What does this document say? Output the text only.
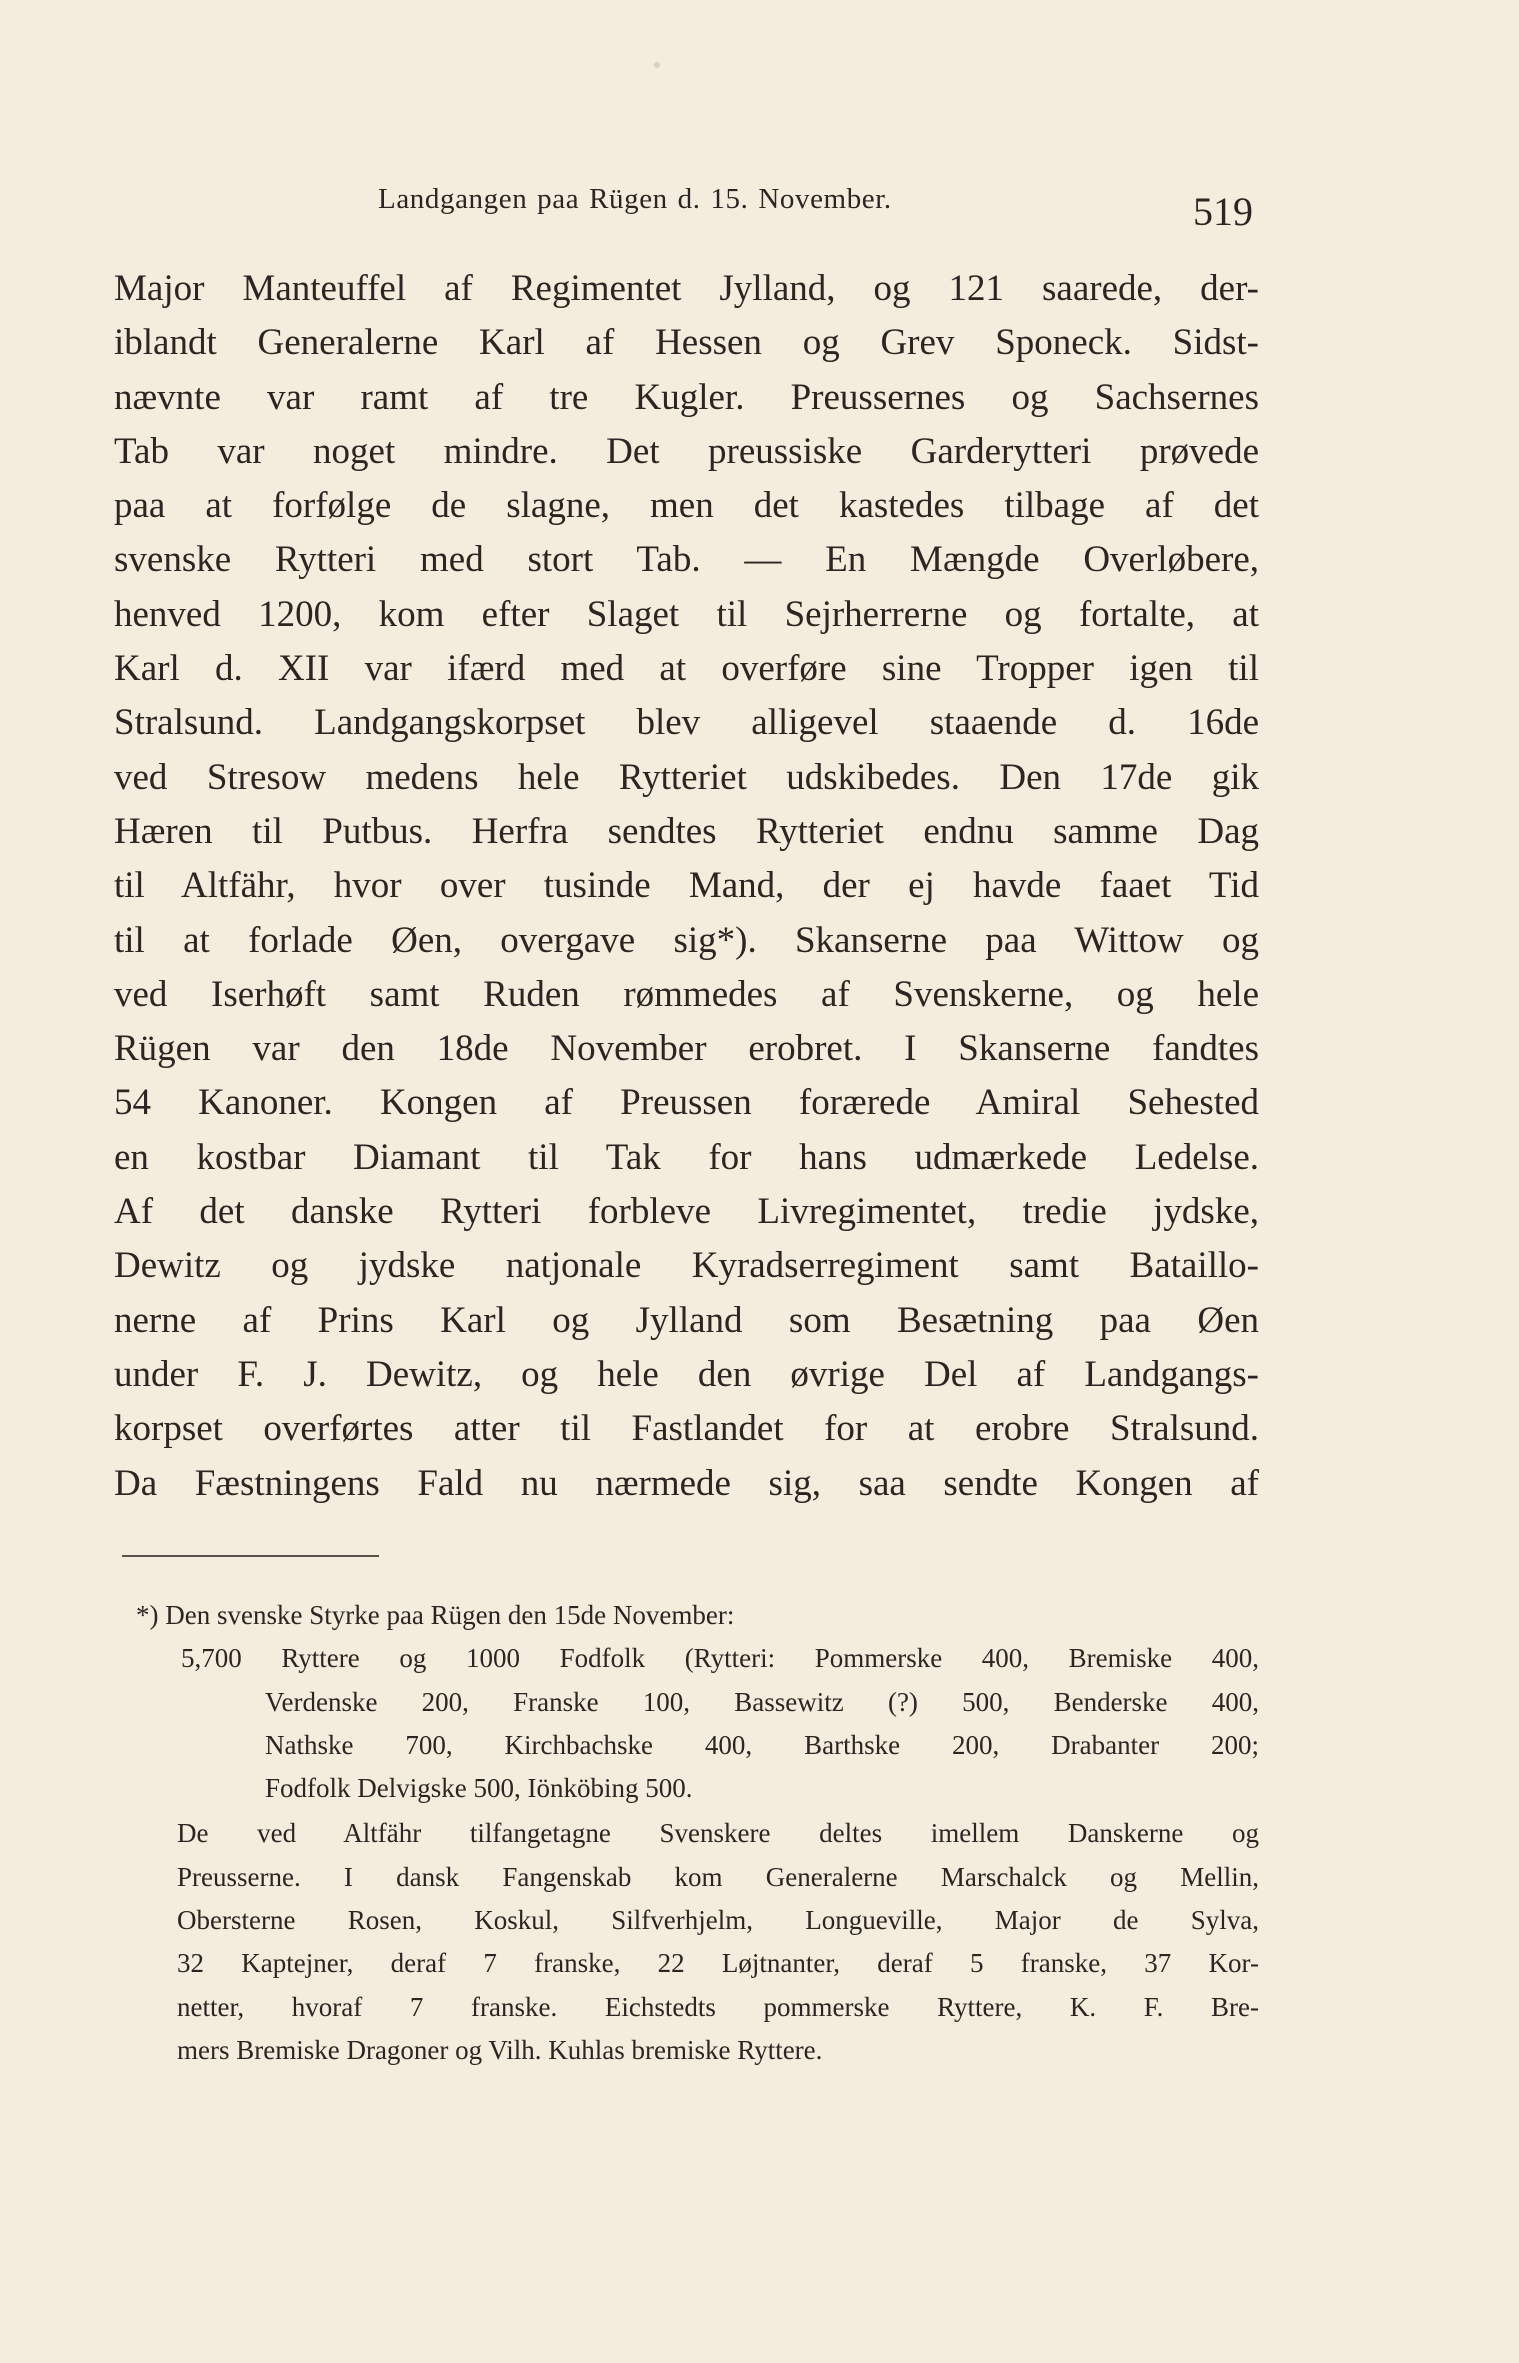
Landgangen paa Rügen d. 15. November.	519
Major Manteuffel af Regimentet Jylland, og 121 saarede, der-
iblandt Generalerne Karl af Hessen og Grev Sponeck. Sidst-
nævnte var ramt af tre Kugler. Preussernes og Sachsernes
Tab var noget mindre. Det preussiske Garderytteri prøvede
paa at forfølge de slagne, men det kastedes tilbage af det
svenske Rytteri med stort Tab. — En Mængde Overløbere,
henved 1200, kom efter Slaget til Sejrherrerne og fortalte, at
Karl d. XII var ifærd med at overføre sine Tropper igen til
Stralsund. Landgangskorpset blev alligevel staaende d. 16de
ved Stresow medens hele Rytteriet udskibedes. Den 17de gik
Hæren til Putbus. Herfra sendtes Rytteriet endnu samme Dag
til Altfähr, hvor over tusinde Mand, der ej havde faaet Tid
til at forlade Øen, overgave sig*). Skanserne paa Wittow og
ved Iserhøft samt Ruden rømmedes af Svenskerne, og hele
Rügen var den 18de November erobret. I Skanserne fandtes
54 Kanoner. Kongen af Preussen forærede Amiral Sehested
en kostbar Diamant til Tak for hans udmærkede Ledelse.
Af det danske Rytteri forbleve Livregimentet, tredie jydske,
Dewitz og jydske natjonale Kyradserregiment samt Bataillo-
nerne af Prins Karl og Jylland som Besætning paa Øen
under F. J. Dewitz, og hele den øvrige Del af Landgangs-
korpset overførtes atter til Fastlandet for at erobre Stralsund.
Da Fæstningens Fald nu nærmede sig, saa sendte Kongen af
*) Den svenske Styrke paa Rügen den 15de November:
5,700 Ryttere og 1000 Fodfolk (Rytteri: Pommerske 400, Bremiske 400,
Verdenske 200, Franske 100, Bassewitz (?) 500, Benderske 400,
Nathske 700, Kirchbachske 400, Barthske 200, Drabanter 200;
Fodfolk Delvigske 500, Iönköbing 500.
De ved Altfähr tilfangetagne Svenskere deltes imellem Danskerne og
Preusserne. I dansk Fangenskab kom Generalerne Marschalck og Mellin,
Obersterne Rosen, Koskul, Silfverhjelm, Longueville, Major de Sylva,
32 Kaptejner, deraf 7 franske, 22 Løjtnanter, deraf 5 franske, 37 Kor-
netter, hvoraf 7 franske. Eichstedts pommerske Ryttere, K. F. Bre-
mers Bremiske Dragoner og Vilh. Kuhlas bremiske Ryttere.
